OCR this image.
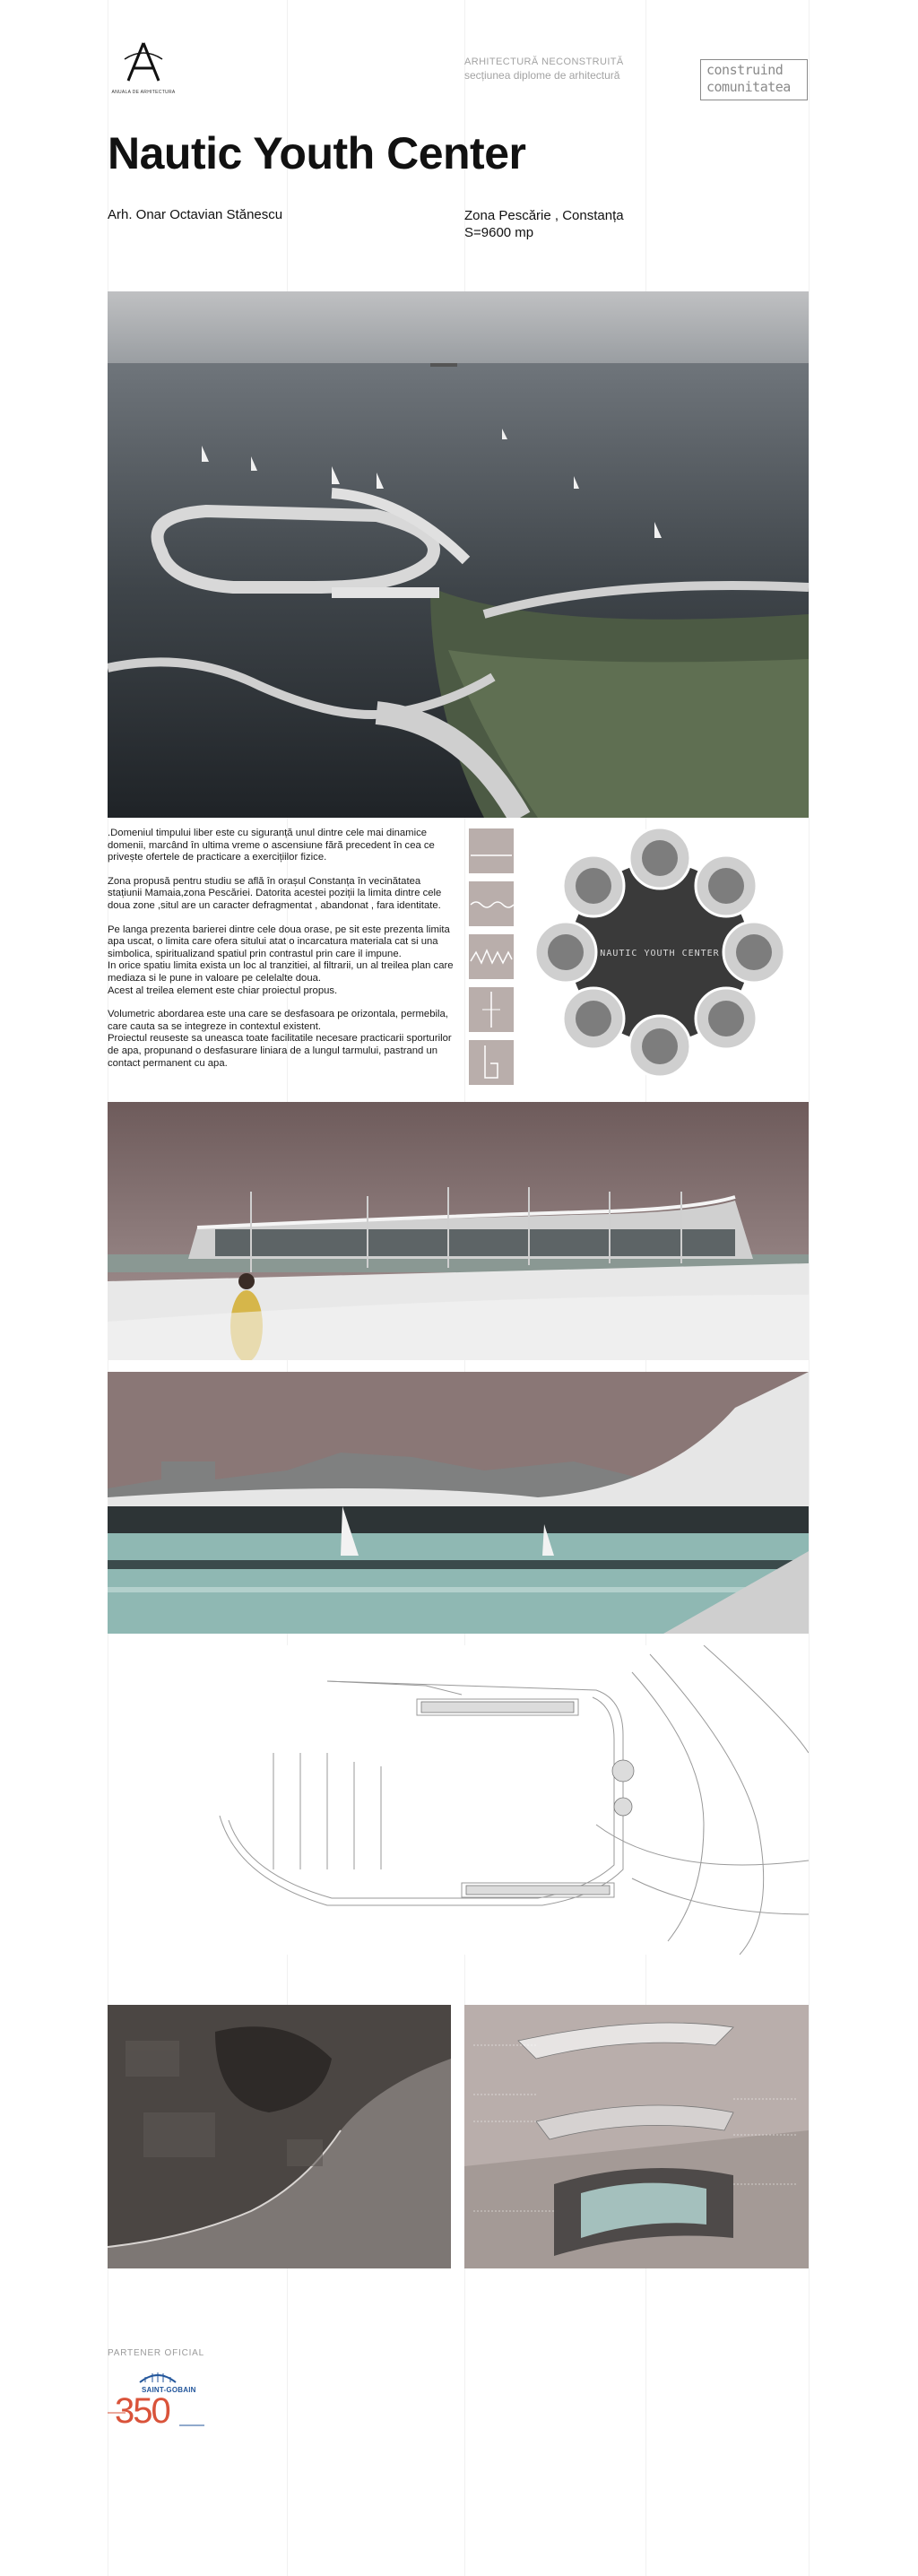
ANUALA DE ARHITECTURA
ARHITECTURĂ NECONSTRUITĂ
secțiunea diplome de arhitectură	construind
comunitatea
Nautic Youth Center
Arh. Onar Octavian Stănescu	Zona Pescărie , Constanța
S=9600 mp

.Domeniul timpului liber este cu siguranță unul dintre cele mai dinamice domenii, marcând în ultima vreme o ascensiune fără precedent în cea ce privește ofertele de practicare a exercițiilor fizice.

Zona propusă pentru studiu se află în orașul Constanța în vecinătatea stațiunii Mamaia,zona Pescăriei. Datorita acestei poziții la limita dintre cele doua zone ,situl are un caracter defragmentat , abandonat , fara identitate.

Pe langa prezenta barierei dintre cele doua orase, pe sit este prezenta limita apa uscat, o limita care ofera sitului atat o incarcatura materiala cat si una simbolica, spiritualizand spatiul prin contrastul prin care il impune.

In orice spatiu limita exista un loc al tranzitiei, al filtrarii, un al treilea plan care mediaza si le pune in valoare pe celelalte doua.

Acest al treilea element este chiar proiectul propus.

Volumetric abordarea este una care se desfasoara pe orizontala, permebila, care cauta sa se integreze in contextul existent.

Proiectul reuseste sa uneasca toate facilitatile necesare practicarii sporturilor de apa, propunand o desfasurare liniara de a lungul tarmului, pastrand un contact permanent cu apa.

NAUTIC YOUTH CENTER
PARTENER OFICIAL
SAINT-GOBAIN
350
